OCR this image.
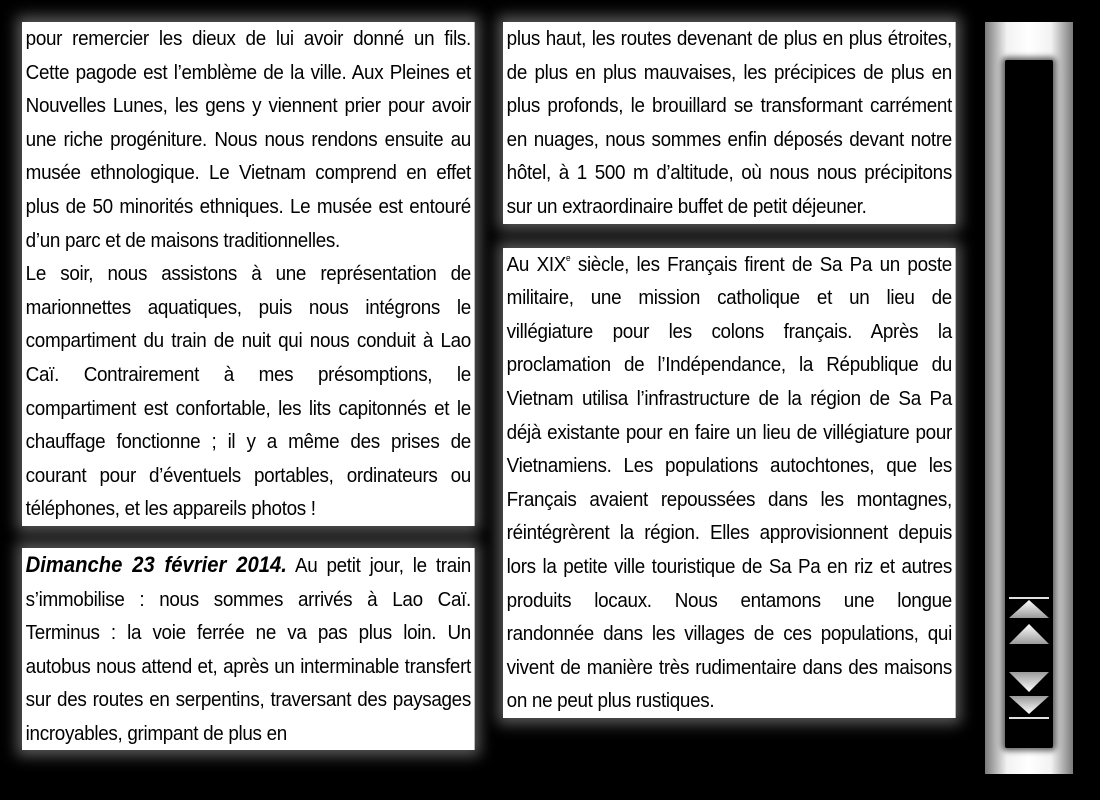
pour remercier les dieux de lui avoir donné un fils. Cette pagode est l’emblème de la ville. Aux Pleines et Nouvelles Lunes, les gens y viennent prier pour avoir une riche progéniture. Nous nous rendons ensuite au musée ethnologique. Le Vietnam comprend en effet plus de 50 minorités ethniques. Le musée est entouré d’un parc et de maisons traditionnelles.

Le soir, nous assistons à une représentation de marionnettes aquatiques, puis nous intégrons le compartiment du train de nuit qui nous conduit à Lao Caï. Contrairement à mes présomptions, le compartiment est confortable, les lits capitonnés et le chauffage fonctionne ; il y a même des prises de courant pour d’éventuels portables, ordinateurs ou téléphones, et les appareils photos !

Dimanche 23 février 2014. Au petit jour, le train s’immobilise : nous sommes arrivés à Lao Caï. Terminus : la voie ferrée ne va pas plus loin. Un autobus nous attend et, après un interminable transfert sur des routes en serpentins, traversant des paysages incroyables, grimpant de plus en

plus haut, les routes devenant de plus en plus étroites, de plus en plus mauvaises, les précipices de plus en plus profonds, le brouillard se transformant carrément en nuages, nous sommes enfin déposés devant notre hôtel, à 1 500 m d’altitude, où nous nous précipitons sur un extraordinaire buffet de petit déjeuner.

Au XIXe siècle, les Français firent de Sa Pa un poste militaire, une mission catholique et un lieu de villégiature pour les colons français. Après la proclamation de l’Indépendance, la République du Vietnam utilisa l’infrastructure de la région de Sa Pa déjà existante pour en faire un lieu de villégiature pour Vietnamiens. Les populations autochtones, que les Français avaient repoussées dans les montagnes, réintégrèrent la région. Elles approvisionnent depuis lors la petite ville touristique de Sa Pa en riz et autres produits locaux. Nous entamons une longue randonnée dans les villages de ces populations, qui vivent de manière très rudimentaire dans des maisons on ne peut plus rustiques.
